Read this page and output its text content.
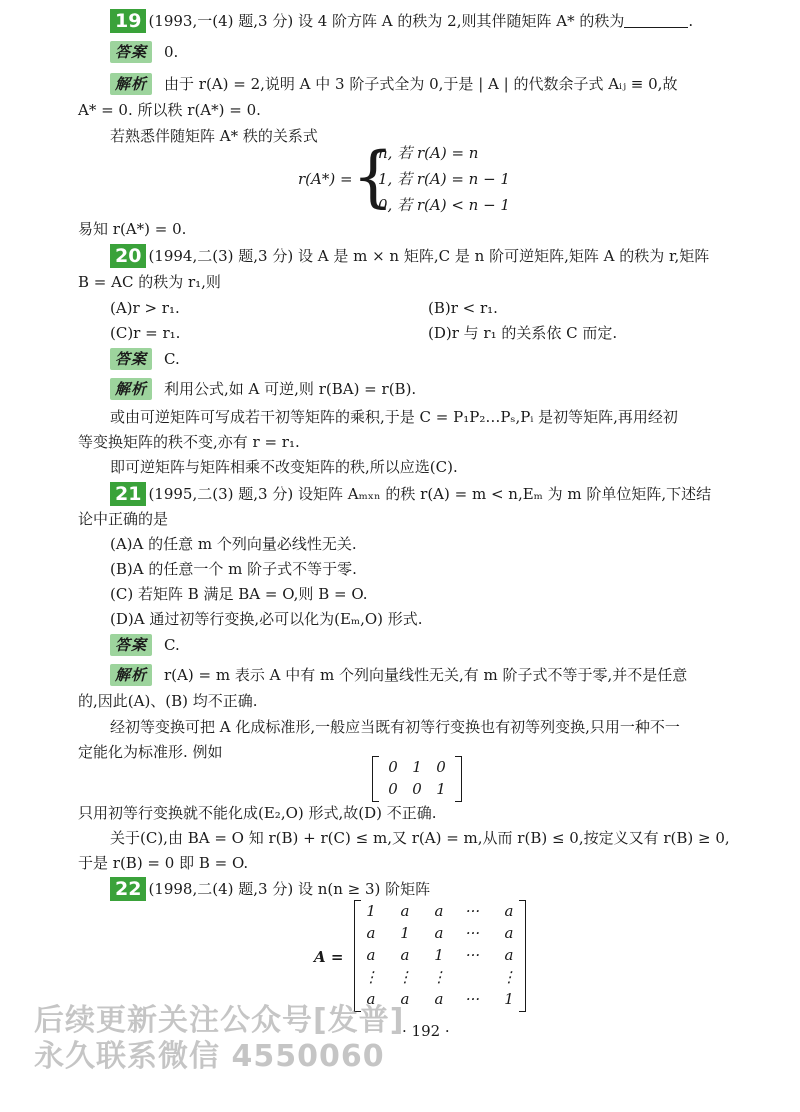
19 (1993,一(4) 题,3 分) 设 4 阶方阵 A 的秩为 2,则其伴随矩阵 A* 的秩为	.
答案 0.
解析 由于 r(A) = 2,说明 A 中 3 阶子式全为 0,于是 | A | 的代数余子式 Aᵢⱼ ≡ 0,故
A* = 0. 所以秩 r(A*) = 0.
若熟悉伴随矩阵 A* 秩的关系式
r(A*) = {
n, 若 r(A) = n
1, 若 r(A) = n − 1
0, 若 r(A) < n − 1
易知 r(A*) = 0.
20 (1994,二(3) 题,3 分) 设 A 是 m × n 矩阵,C 是 n 阶可逆矩阵,矩阵 A 的秩为 r,矩阵
B = AC 的秩为 r₁,则
(A)r > r₁.	(B)r < r₁.
(C)r = r₁.	(D)r 与 r₁ 的关系依 C 而定.
答案 C.
解析 利用公式,如 A 可逆,则 r(BA) = r(B).
或由可逆矩阵可写成若干初等矩阵的乘积,于是 C = P₁P₂…Pₛ,Pᵢ 是初等矩阵,再用经初
等变换矩阵的秩不变,亦有 r = r₁.
即可逆矩阵与矩阵相乘不改变矩阵的秩,所以应选(C).
21 (1995,二(3) 题,3 分) 设矩阵 Aₘₓₙ 的秩 r(A) = m < n,Eₘ 为 m 阶单位矩阵,下述结
论中正确的是
(A)A 的任意 m 个列向量必线性无关.
(B)A 的任意一个 m 阶子式不等于零.
(C) 若矩阵 B 满足 BA = O,则 B = O.
(D)A 通过初等行变换,必可以化为(Eₘ,O) 形式.
答案 C.
解析 r(A) = m 表示 A 中有 m 个列向量线性无关,有 m 阶子式不等于零,并不是任意
的,因此(A)、(B) 均不正确.
经初等变换可把 A 化成标准形,一般应当既有初等行变换也有初等列变换,只用一种不一
定能化为标准形. 例如
0 1 0
0 0 1
只用初等行变换就不能化成(E₂,O) 形式,故(D) 不正确.
关于(C),由 BA = O 知 r(B) + r(C) ≤ m,又 r(A) = m,从而 r(B) ≤ 0,按定义又有 r(B) ≥ 0,
于是 r(B) = 0 即 B = O.
22 (1998,二(4) 题,3 分) 设 n(n ≥ 3) 阶矩阵
A =
1	a	a	···	a
a	1	a	···	a
a	a	1	···	a
⋮ ⋮ ⋮	⋮
a	a	a	···	1
· 192 ·
后续更新关注公众号[发普]
永久联系微信 4550060
